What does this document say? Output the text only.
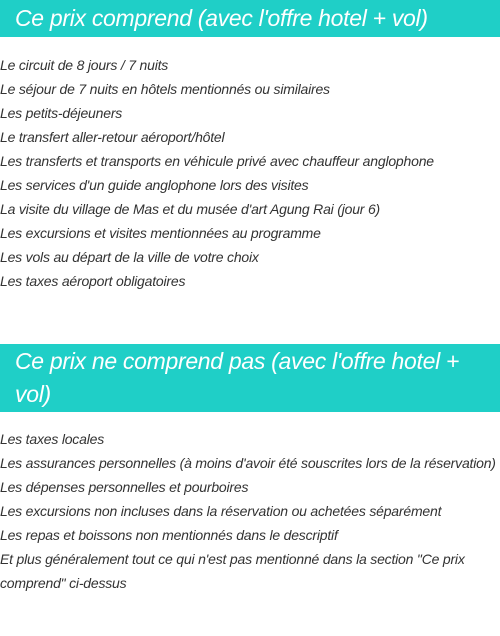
Ce prix comprend (avec l'offre hotel + vol)
Le circuit de 8 jours / 7 nuits
Le séjour de 7 nuits en hôtels mentionnés ou similaires
Les petits-déjeuners
Le transfert aller-retour aéroport/hôtel
Les transferts et transports en véhicule privé avec chauffeur anglophone
Les services d'un guide anglophone lors des visites
La visite du village de Mas et du musée d'art Agung Rai (jour 6)
Les excursions et visites mentionnées au programme
Les vols au départ de la ville de votre choix
Les taxes aéroport obligatoires
Ce prix ne comprend pas (avec l'offre hotel + vol)
Les taxes locales
Les assurances personnelles (à moins d'avoir été souscrites lors de la réservation)
Les dépenses personnelles et pourboires
Les excursions non incluses dans la réservation ou achetées séparément
Les repas et boissons non mentionnés dans le descriptif
Et plus généralement tout ce qui n'est pas mentionné dans la section "Ce prix comprend" ci-dessus
